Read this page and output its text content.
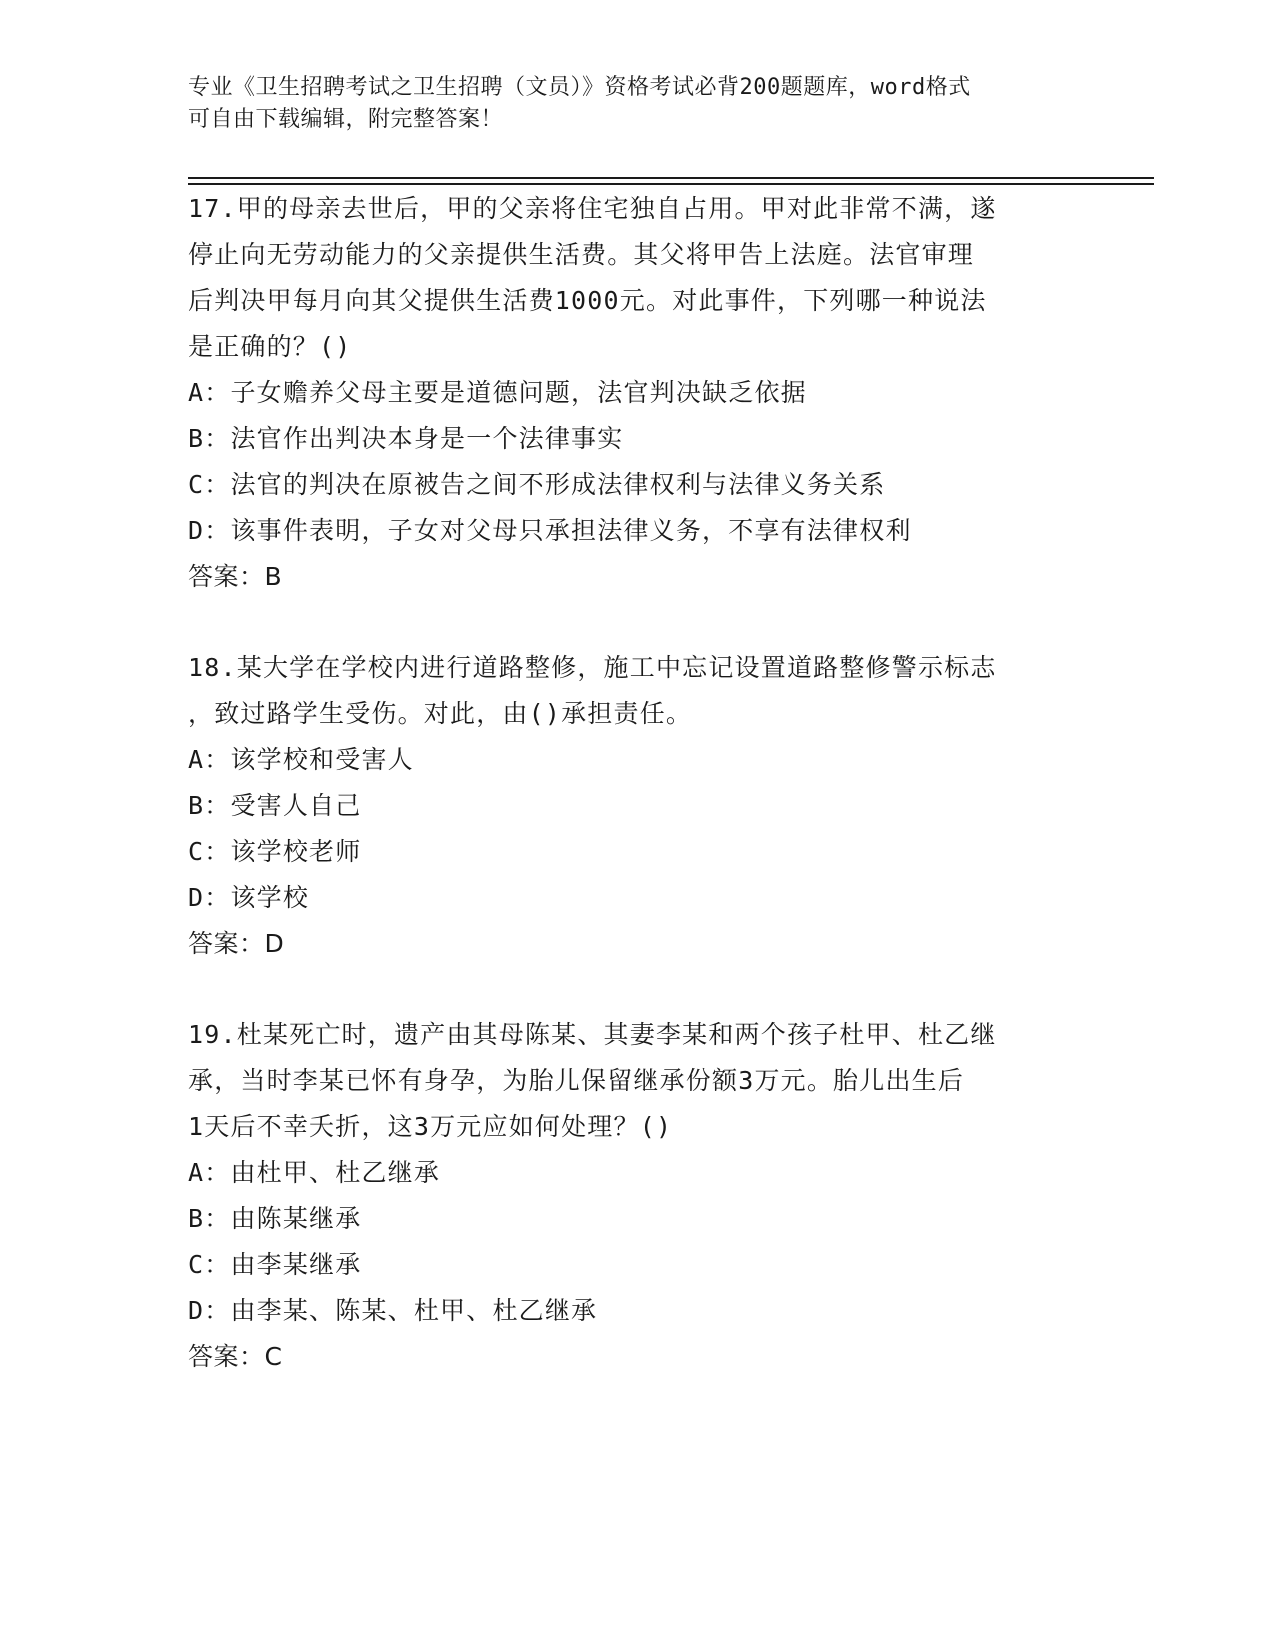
专业《卫生招聘考试之卫生招聘（文员）》资格考试必背200题题库，word格式
可自由下载编辑，附完整答案！
17.甲的母亲去世后，甲的父亲将住宅独自占用。甲对此非常不满，遂
停止向无劳动能力的父亲提供生活费。其父将甲告上法庭。法官审理
后判决甲每月向其父提供生活费1000元。对此事件，下列哪一种说法
是正确的？()
A：子女赡养父母主要是道德问题，法官判决缺乏依据
B：法官作出判决本身是一个法律事实
C：法官的判决在原被告之间不形成法律权利与法律义务关系
D：该事件表明，子女对父母只承担法律义务，不享有法律权利
答案：B
18.某大学在学校内进行道路整修，施工中忘记设置道路整修警示标志
，致过路学生受伤。对此，由()承担责任。
A：该学校和受害人
B：受害人自己
C：该学校老师
D：该学校
答案：D
19.杜某死亡时，遗产由其母陈某、其妻李某和两个孩子杜甲、杜乙继
承，当时李某已怀有身孕，为胎儿保留继承份额3万元。胎儿出生后
1天后不幸夭折，这3万元应如何处理？()
A：由杜甲、杜乙继承
B：由陈某继承
C：由李某继承
D：由李某、陈某、杜甲、杜乙继承
答案：C
